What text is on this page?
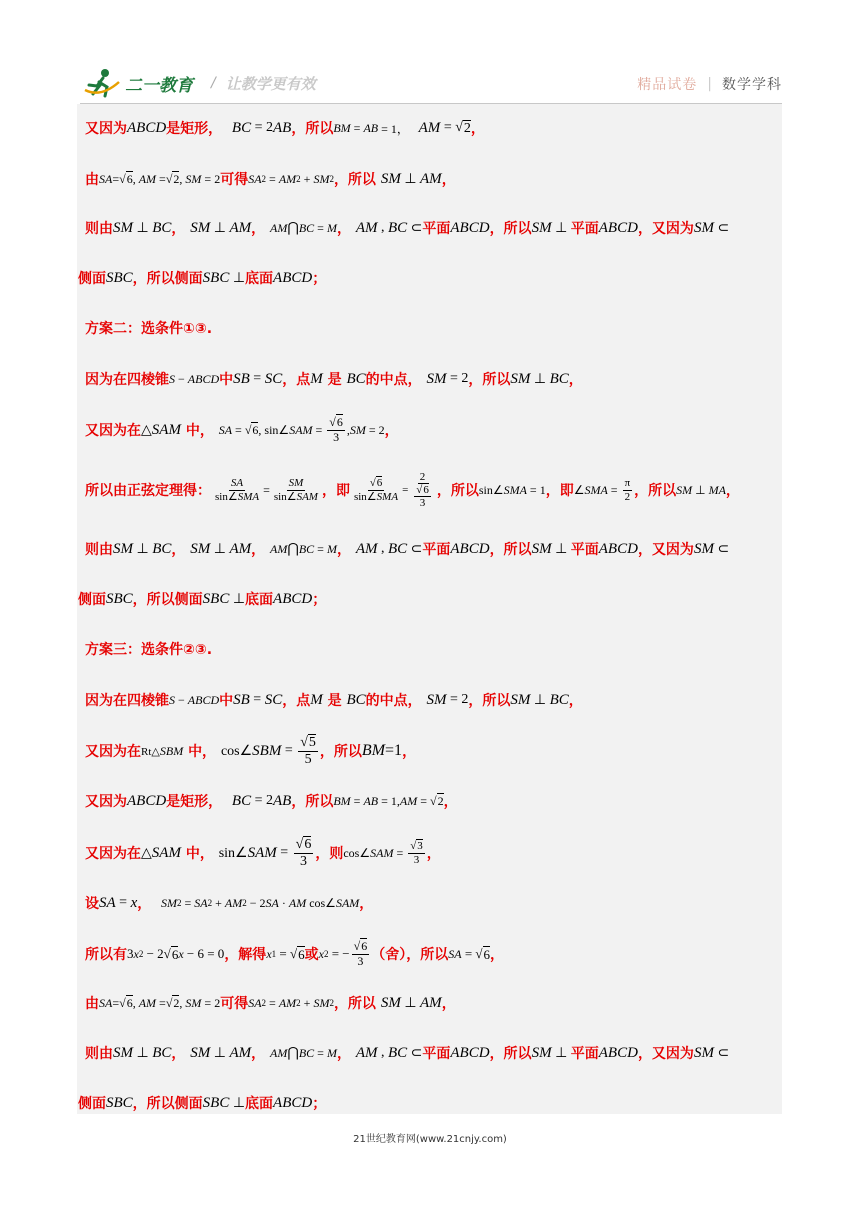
二一教育 / 让教学更有效	精品试卷 | 数学学科
又因为 ABCD 是矩形，
BC = 2 AB ，所以 BM = AB = 1，
AM = √ 2 ，
由 SA = √ 6 , AM = √ 2 , SM = 2 可得 SA 2 = AM 2 + SM 2 ，所以
SM ⊥ AM ，
则由 SM ⊥ BC ，
SM ⊥ AM ，
AM ⋂ BC = M ，
AM , BC ⊂ 平面 ABCD ，所以 SM ⊥ 平面 ABCD ，又因为 SM ⊂
侧面 SBC ，所以侧面 SBC ⊥ 底面 ABCD ；
方案二：选条件①③.
因为在四棱锥 S − ABCD 中 SB = SC ，点 M
是
BC 的中点，
SM = 2 ，所以 SM ⊥ BC ，
又因为在 △ SAM
中，
SA = √ 6 , sin∠ SAM = √ $\frac{6}{3}$ , SM = 2 ，
所以由正弦定理得： $\frac{SA}{\text{sin∠SMA}} = \frac{SM}{\text{sin∠SAM}}$ ，即 √ $\frac{6}{\text{sin∠SMA}} = 2$
√ $\frac{6}{3}$ ，所以 sin∠ SMA = 1 ，即 ∠ SMA = $\frac{\pi}{2}$ ，所以 SM ⊥ MA ，
则由 SM ⊥ BC ，
SM ⊥ AM ，
AM ⋂ BC = M ，
AM , BC ⊂ 平面 ABCD ，所以 SM ⊥ 平面 ABCD ，又因为 SM ⊂
侧面 SBC ，所以侧面 SBC ⊥ 底面 ABCD ；
方案三：选条件②③.
因为在四棱锥 S − ABCD 中 SB = SC ，点 M
是
BC 的中点，
SM = 2 ，所以 SM ⊥ BC ，
又因为在 Rt△ SBM
中，
cos∠ SBM = √ $\frac{5}{5}$ ，所以 BM =1 ，
又因为 ABCD 是矩形，
BC = 2 AB ，所以 BM = AB = 1, AM = √ 2 ，
又因为在 △ SAM
中，
sin∠ SAM = √ $\frac{6}{3}$ ，则 cos∠ SAM = √ $\frac{3}{3}$ ，
设 SA = x ，
SM 2 = SA 2 + AM 2 − 2 SA · AM cos∠ SAM ，
所以有 3 x 2 − 2 √ 6 x − 6 = 0 ，解得 x 1 = √ 6 或 x 2 = − √ $\frac{6}{3}$ （舍），所以 SA = √ 6 ，
由 SA = √ 6 , AM = √ 2 , SM = 2 可得 SA 2 = AM 2 + SM 2 ，所以
SM ⊥ AM ，
则由 SM ⊥ BC ，
SM ⊥ AM ，
AM ⋂ BC = M ，
AM , BC ⊂ 平面 ABCD ，所以 SM ⊥ 平面 ABCD ，又因为 SM ⊂
侧面 SBC ，所以侧面 SBC ⊥ 底面 ABCD ；
21世纪教育网(www.21cnjy.com)
